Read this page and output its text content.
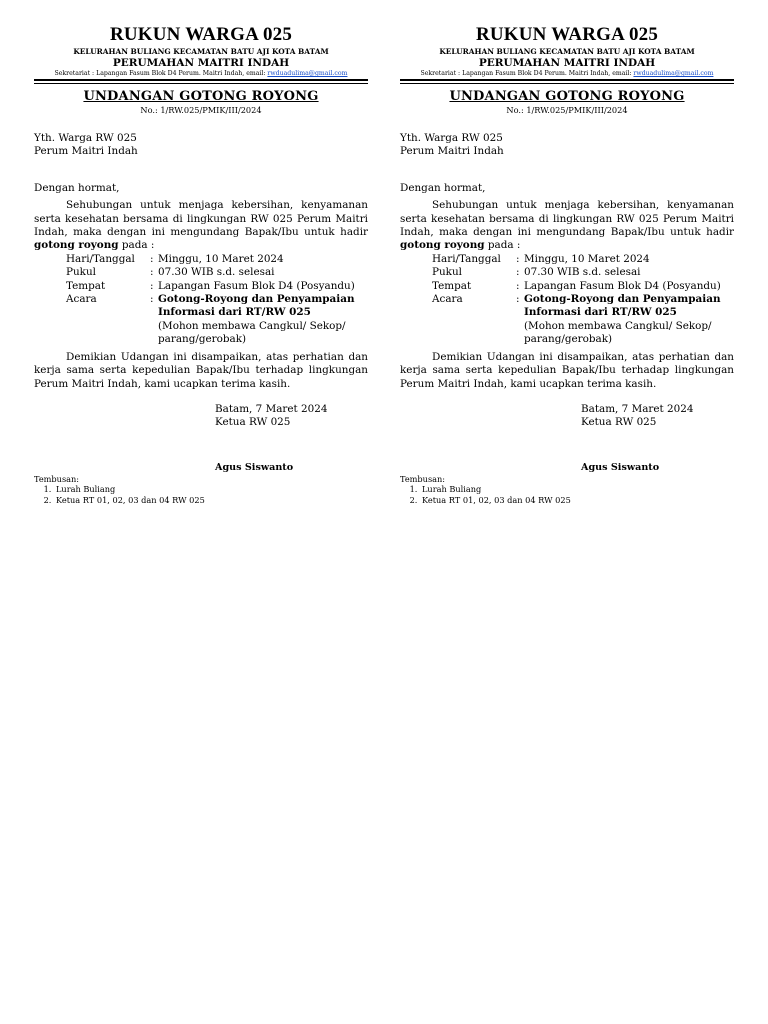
RUKUN WARGA 025
KELURAHAN BULIANG KECAMATAN BATU AJI KOTA BATAM
PERUMAHAN MAITRI INDAH
Sekretariat : Lapangan Fasum Blok D4 Perum. Maitri Indah, email: rwduadulima@gmail.com
UNDANGAN GOTONG ROYONG
No.: 1/RW.025/PMIK/III/2024
Yth. Warga RW 025
Perum Maitri Indah
Dengan hormat,
Sehubungan untuk menjaga kebersihan, kenyamanan serta kesehatan bersama di lingkungan RW 025 Perum Maitri Indah, maka dengan ini mengundang Bapak/Ibu untuk hadir gotong royong pada :
Hari/Tanggal	: Minggu, 10 Maret 2024
Pukul	: 07.30 WIB s.d. selesai
Tempat	: Lapangan Fasum Blok D4 (Posyandu)
Acara	: Gotong-Royong dan Penyampaian Informasi dari RT/RW 025
(Mohon membawa Cangkul/ Sekop/ parang/gerobak)
Demikian Udangan ini disampaikan, atas perhatian dan kerja sama serta kepedulian Bapak/Ibu terhadap lingkungan Perum Maitri Indah, kami ucapkan terima kasih.
Batam, 7 Maret 2024
Ketua RW 025
Agus Siswanto
Tembusan:
1. Lurah Buliang
2. Ketua RT 01, 02, 03 dan 04 RW 025
RUKUN WARGA 025
KELURAHAN BULIANG KECAMATAN BATU AJI KOTA BATAM
PERUMAHAN MAITRI INDAH
Sekretariat : Lapangan Fasum Blok D4 Perum. Maitri Indah, email: rwduadulima@gmail.com
UNDANGAN GOTONG ROYONG
No.: 1/RW.025/PMIK/III/2024
Yth. Warga RW 025
Perum Maitri Indah
Dengan hormat,
Sehubungan untuk menjaga kebersihan, kenyamanan serta kesehatan bersama di lingkungan RW 025 Perum Maitri Indah, maka dengan ini mengundang Bapak/Ibu untuk hadir gotong royong pada :
Hari/Tanggal	: Minggu, 10 Maret 2024
Pukul	: 07.30 WIB s.d. selesai
Tempat	: Lapangan Fasum Blok D4 (Posyandu)
Acara	: Gotong-Royong dan Penyampaian Informasi dari RT/RW 025
(Mohon membawa Cangkul/ Sekop/ parang/gerobak)
Demikian Udangan ini disampaikan, atas perhatian dan kerja sama serta kepedulian Bapak/Ibu terhadap lingkungan Perum Maitri Indah, kami ucapkan terima kasih.
Batam, 7 Maret 2024
Ketua RW 025
Agus Siswanto
Tembusan:
1. Lurah Buliang
2. Ketua RT 01, 02, 03 dan 04 RW 025
